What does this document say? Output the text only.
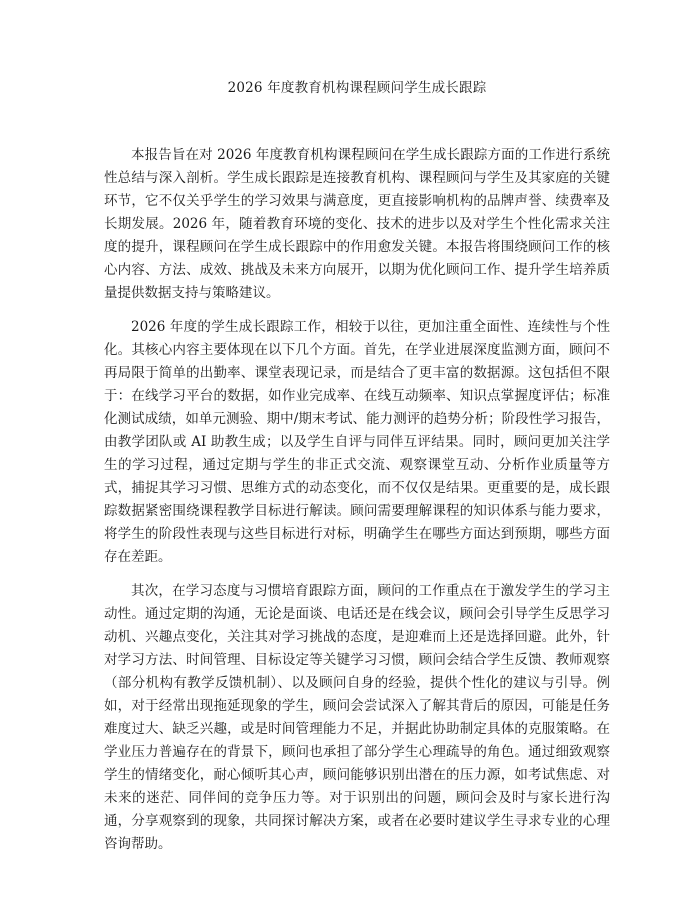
2026 年度教育机构课程顾问学生成长跟踪

本报告旨在对 2026 年度教育机构课程顾问在学生成长跟踪方面的工作进行系统性总结与深入剖析。学生成长跟踪是连接教育机构、课程顾问与学生及其家庭的关键环节，它不仅关乎学生的学习效果与满意度，更直接影响机构的品牌声誉、续费率及长期发展。2026 年，随着教育环境的变化、技术的进步以及对学生个性化需求关注度的提升，课程顾问在学生成长跟踪中的作用愈发关键。本报告将围绕顾问工作的核心内容、方法、成效、挑战及未来方向展开，以期为优化顾问工作、提升学生培养质量提供数据支持与策略建议。

2026 年度的学生成长跟踪工作，相较于以往，更加注重全面性、连续性与个性化。其核心内容主要体现在以下几个方面。首先，在学业进展深度监测方面，顾问不再局限于简单的出勤率、课堂表现记录，而是结合了更丰富的数据源。这包括但不限于：在线学习平台的数据，如作业完成率、在线互动频率、知识点掌握度评估；标准化测试成绩，如单元测验、期中/期末考试、能力测评的趋势分析；阶段性学习报告，由教学团队或 AI 助教生成；以及学生自评与同伴互评结果。同时，顾问更加关注学生的学习过程，通过定期与学生的非正式交流、观察课堂互动、分析作业质量等方式，捕捉其学习习惯、思维方式的动态变化，而不仅仅是结果。更重要的是，成长跟踪数据紧密围绕课程教学目标进行解读。顾问需要理解课程的知识体系与能力要求，将学生的阶段性表现与这些目标进行对标，明确学生在哪些方面达到预期，哪些方面存在差距。

其次，在学习态度与习惯培育跟踪方面，顾问的工作重点在于激发学生的学习主动性。通过定期的沟通，无论是面谈、电话还是在线会议，顾问会引导学生反思学习动机、兴趣点变化，关注其对学习挑战的态度，是迎难而上还是选择回避。此外，针对学习方法、时间管理、目标设定等关键学习习惯，顾问会结合学生反馈、教师观察（部分机构有教学反馈机制）、以及顾问自身的经验，提供个性化的建议与引导。例如，对于经常出现拖延现象的学生，顾问会尝试深入了解其背后的原因，可能是任务难度过大、缺乏兴趣，或是时间管理能力不足，并据此协助制定具体的克服策略。在学业压力普遍存在的背景下，顾问也承担了部分学生心理疏导的角色。通过细致观察学生的情绪变化，耐心倾听其心声，顾问能够识别出潜在的压力源，如考试焦虑、对未来的迷茫、同伴间的竞争压力等。对于识别出的问题，顾问会及时与家长进行沟通，分享观察到的现象，共同探讨解决方案，或者在必要时建议学生寻求专业的心理咨询帮助。
